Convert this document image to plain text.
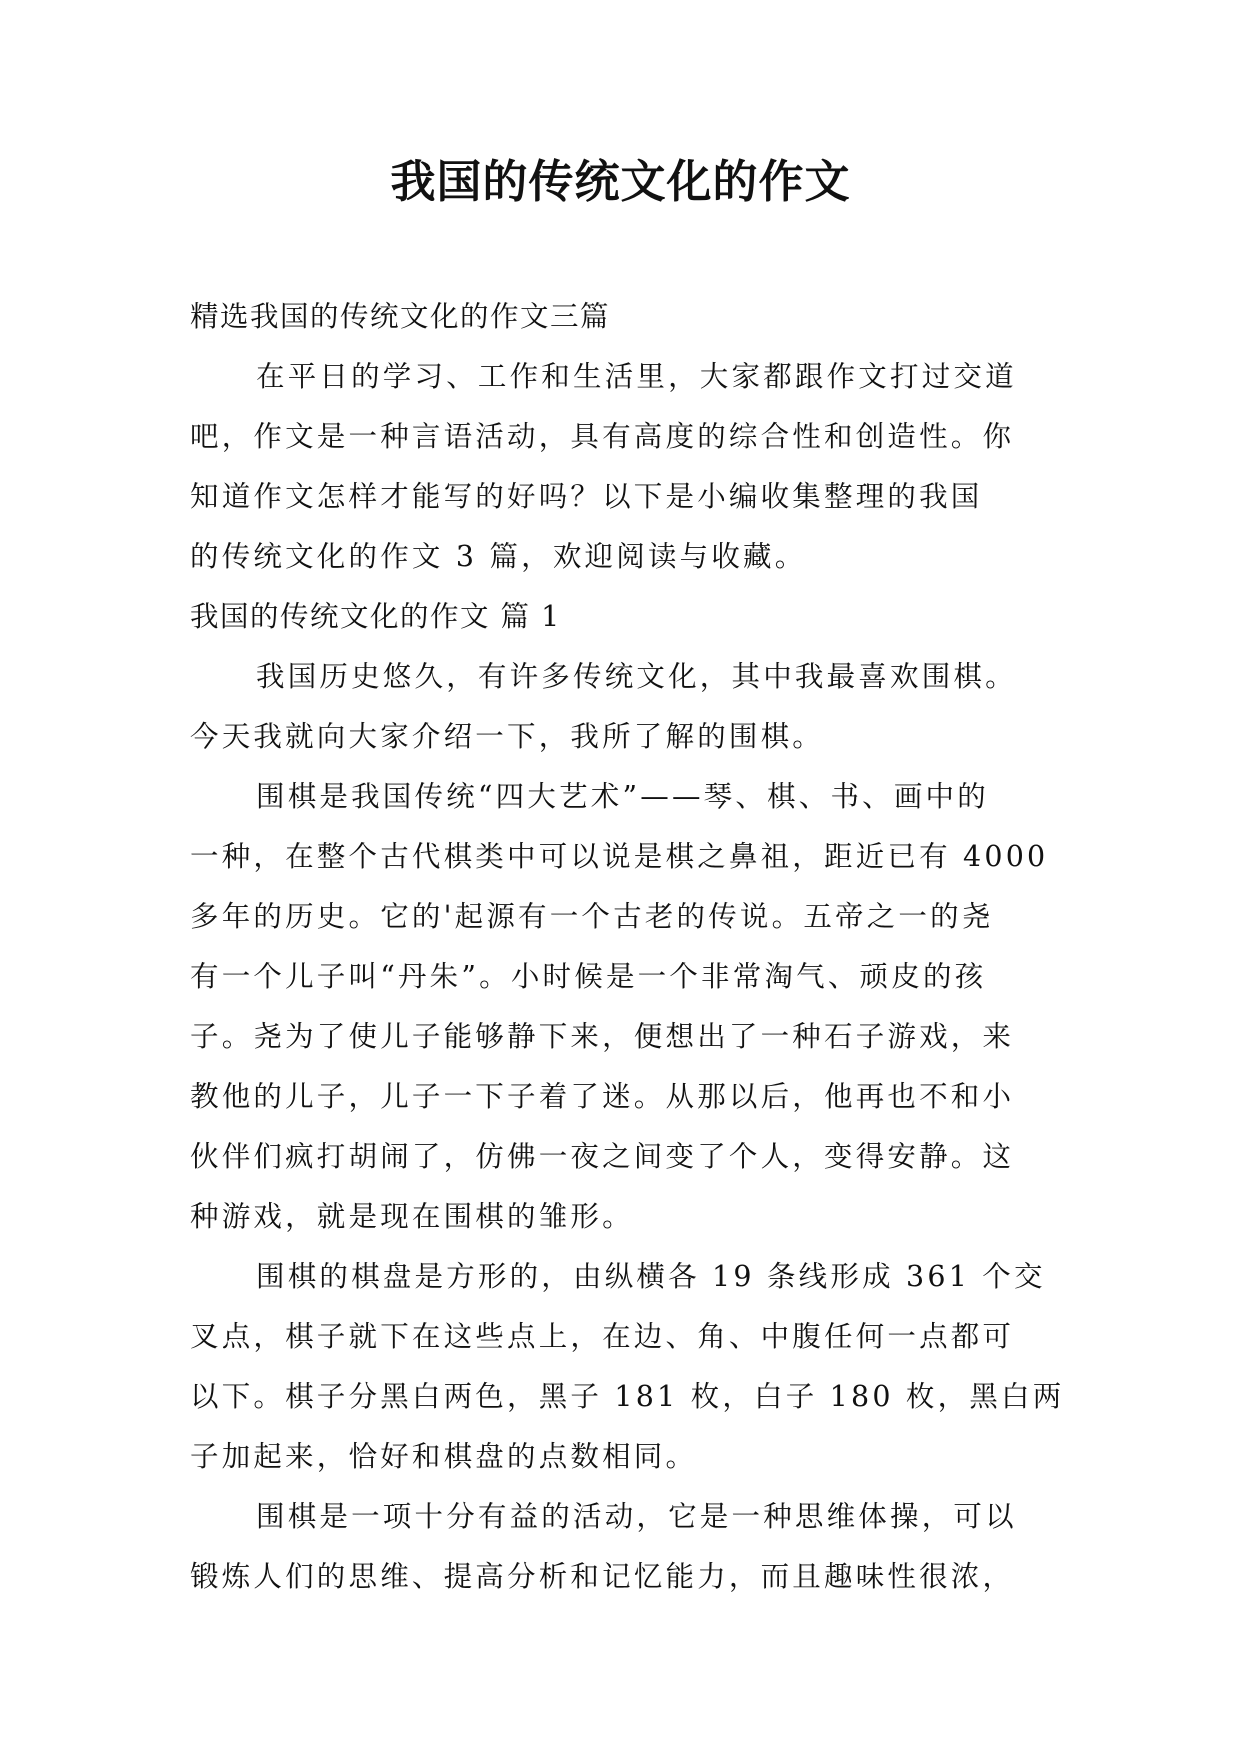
我国的传统文化的作文
精选我国的传统文化的作文三篇
在平日的学习、工作和生活里，大家都跟作文打过交道
吧，作文是一种言语活动，具有高度的综合性和创造性。你
知道作文怎样才能写的好吗？以下是小编收集整理的我国
的传统文化的作文 3 篇，欢迎阅读与收藏。
我国的传统文化的作文 篇 1
我国历史悠久，有许多传统文化，其中我最喜欢围棋。
今天我就向大家介绍一下，我所了解的围棋。
围棋是我国传统“四大艺术”——琴、棋、书、画中的
一种，在整个古代棋类中可以说是棋之鼻祖，距近已有 4000
多年的历史。它的'起源有一个古老的传说。五帝之一的尧
有一个儿子叫“丹朱”。小时候是一个非常淘气、顽皮的孩
子。尧为了使儿子能够静下来，便想出了一种石子游戏，来
教他的儿子，儿子一下子着了迷。从那以后，他再也不和小
伙伴们疯打胡闹了，仿佛一夜之间变了个人，变得安静。这
种游戏，就是现在围棋的雏形。
围棋的棋盘是方形的，由纵横各 19 条线形成 361 个交
叉点，棋子就下在这些点上，在边、角、中腹任何一点都可
以下。棋子分黑白两色，黑子 181 枚，白子 180 枚，黑白两
子加起来，恰好和棋盘的点数相同。
围棋是一项十分有益的活动，它是一种思维体操，可以
锻炼人们的思维、提高分析和记忆能力，而且趣味性很浓，
